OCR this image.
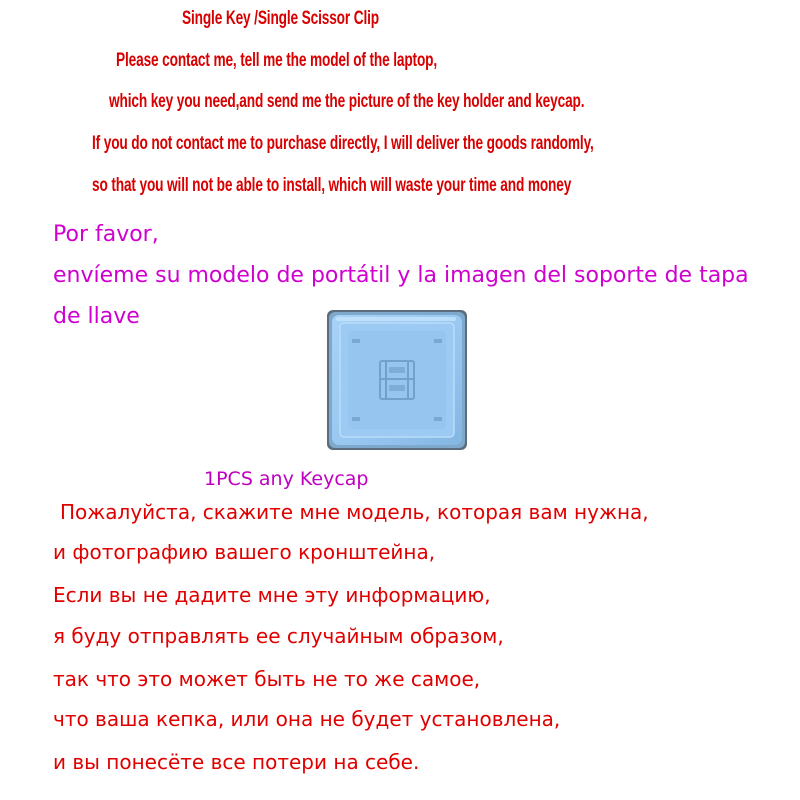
Single Key /Single Scissor Clip

Please contact me, tell me the model of the laptop,

which key you need,and send me the picture of the key holder and keycap.

If you do not contact me to purchase directly, I will deliver the goods randomly,

so that you will not be able to install, which will waste your time and money

Por favor,

envíeme su modelo de portátil y la imagen del soporte de tapa

de llave

1PCS any Keycap

Пожалуйста, скажите мне модель, которая вам нужна,

и фотографию вашего кронштейна,

Если вы не дадите мне эту информацию,

я буду отправлять ее случайным образом,

так что это может быть не то же самое,

что ваша кепка, или она не будет установлена,

и вы понесёте все потери на себе.
